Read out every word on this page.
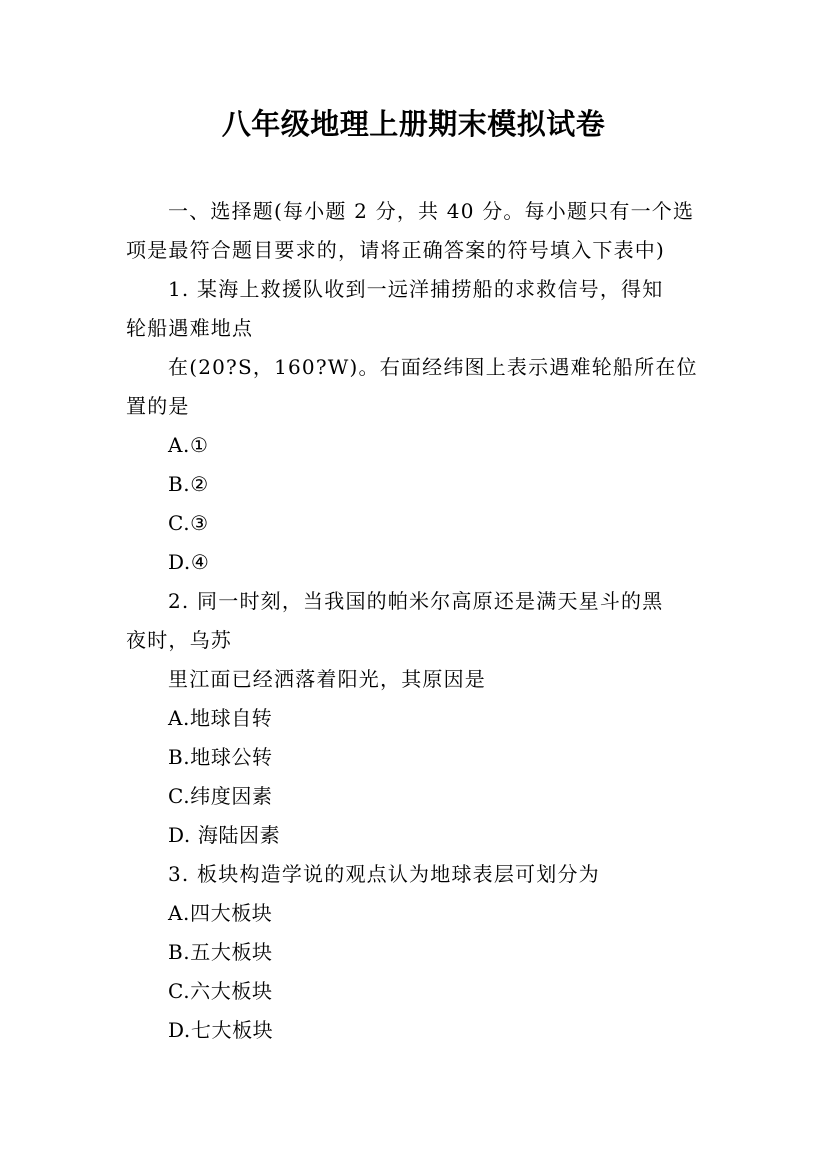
八年级地理上册期末模拟试卷
一、选择题(每小题 2 分，共 40 分。每小题只有一个选
项是最符合题目要求的，请将正确答案的符号填入下表中)
1. 某海上救援队收到一远洋捕捞船的求救信号，得知
轮船遇难地点
在(20?S，160?W)。右面经纬图上表示遇难轮船所在位
置的是
A.①
B.②
C.③
D.④
2. 同一时刻，当我国的帕米尔高原还是满天星斗的黑
夜时，乌苏
里江面已经洒落着阳光，其原因是
A.地球自转
B.地球公转
C.纬度因素
D. 海陆因素
3. 板块构造学说的观点认为地球表层可划分为
A.四大板块
B.五大板块
C.六大板块
D.七大板块
